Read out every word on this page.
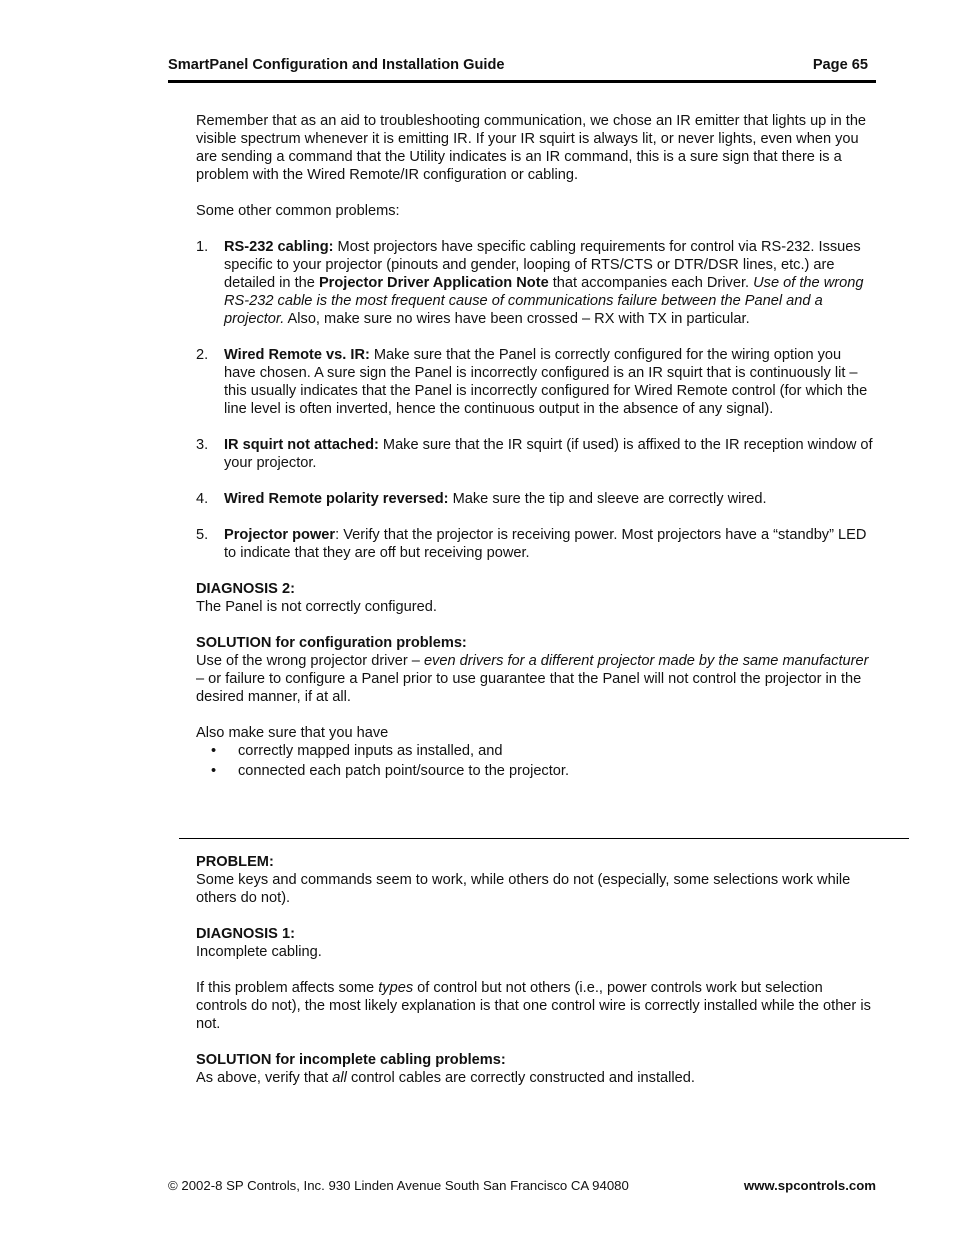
SmartPanel Configuration and Installation Guide	Page 65

Remember that as an aid to troubleshooting communication, we chose an IR emitter that lights up in the visible spectrum whenever it is emitting IR. If your IR squirt is always lit, or never lights, even when you are sending a command that the Utility indicates is an IR command, this is a sure sign that there is a problem with the Wired Remote/IR configuration or cabling.

Some other common problems:

1. RS-232 cabling: Most projectors have specific cabling requirements for control via RS-232. Issues specific to your projector (pinouts and gender, looping of RTS/CTS or DTR/DSR lines, etc.) are detailed in the Projector Driver Application Note that accompanies each Driver. Use of the wrong RS-232 cable is the most frequent cause of communications failure between the Panel and a projector. Also, make sure no wires have been crossed – RX with TX in particular.
2. Wired Remote vs. IR: Make sure that the Panel is correctly configured for the wiring option you have chosen. A sure sign the Panel is incorrectly configured is an IR squirt that is continuously lit – this usually indicates that the Panel is incorrectly configured for Wired Remote control (for which the line level is often inverted, hence the continuous output in the absence of any signal).
3. IR squirt not attached: Make sure that the IR squirt (if used) is affixed to the IR reception window of your projector.
4. Wired Remote polarity reversed: Make sure the tip and sleeve are correctly wired.
5. Projector power: Verify that the projector is receiving power. Most projectors have a “standby” LED to indicate that they are off but receiving power.

DIAGNOSIS 2:

The Panel is not correctly configured.

SOLUTION for configuration problems:

Use of the wrong projector driver – even drivers for a different projector made by the same manufacturer – or failure to configure a Panel prior to use guarantee that the Panel will not control the projector in the desired manner, if at all.

Also make sure that you have

• correctly mapped inputs as installed, and
• connected each patch point/source to the projector.

PROBLEM:

Some keys and commands seem to work, while others do not (especially, some selections work while others do not).

DIAGNOSIS 1:

Incomplete cabling.

If this problem affects some types of control but not others (i.e., power controls work but selection controls do not), the most likely explanation is that one control wire is correctly installed while the other is not.

SOLUTION for incomplete cabling problems:

As above, verify that all control cables are correctly constructed and installed.

© 2002-8 SP Controls, Inc. 930 Linden Avenue South San Francisco CA 94080	www.spcontrols.com
